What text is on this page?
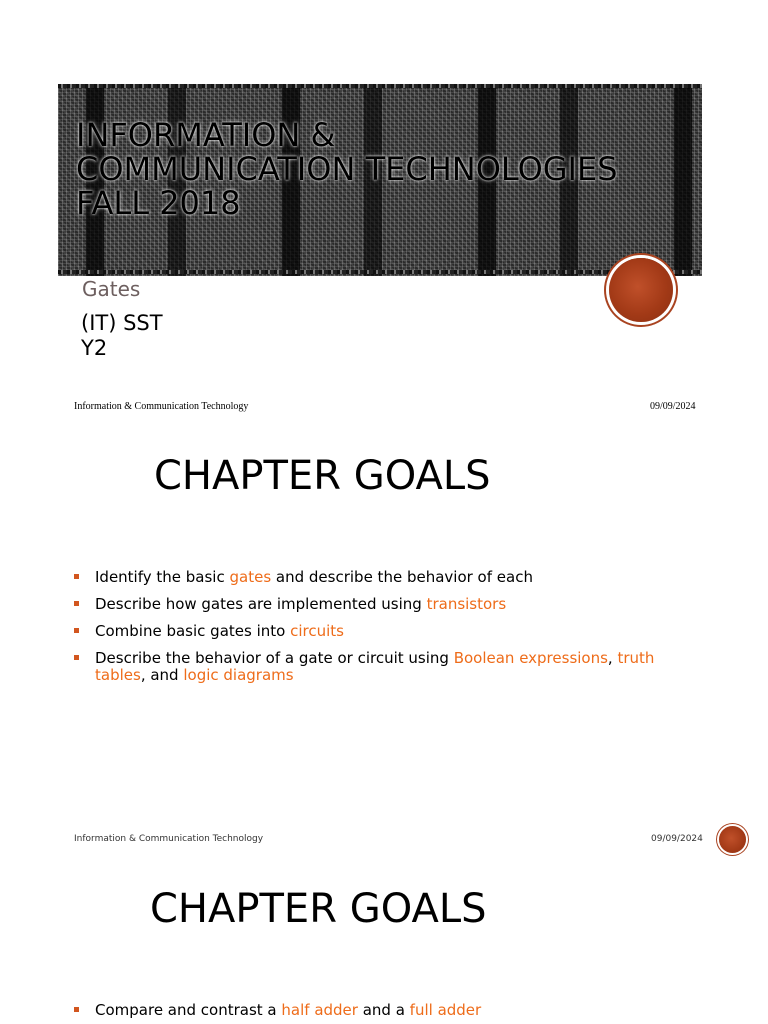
INFORMATION &
COMMUNICATION TECHNOLOGIES
FALL 2018
Gates
(IT) SST
Y2
Information & Communication Technology	09/09/2024
CHAPTER GOALS
Identify the basic gates and describe the behavior of each
Describe how gates are implemented using transistors
Combine basic gates into circuits
Describe the behavior of a gate or circuit using Boolean expressions, truth tables, and logic diagrams
Information & Communication Technology	09/09/2024
CHAPTER GOALS
Compare and contrast a half adder and a full adder
